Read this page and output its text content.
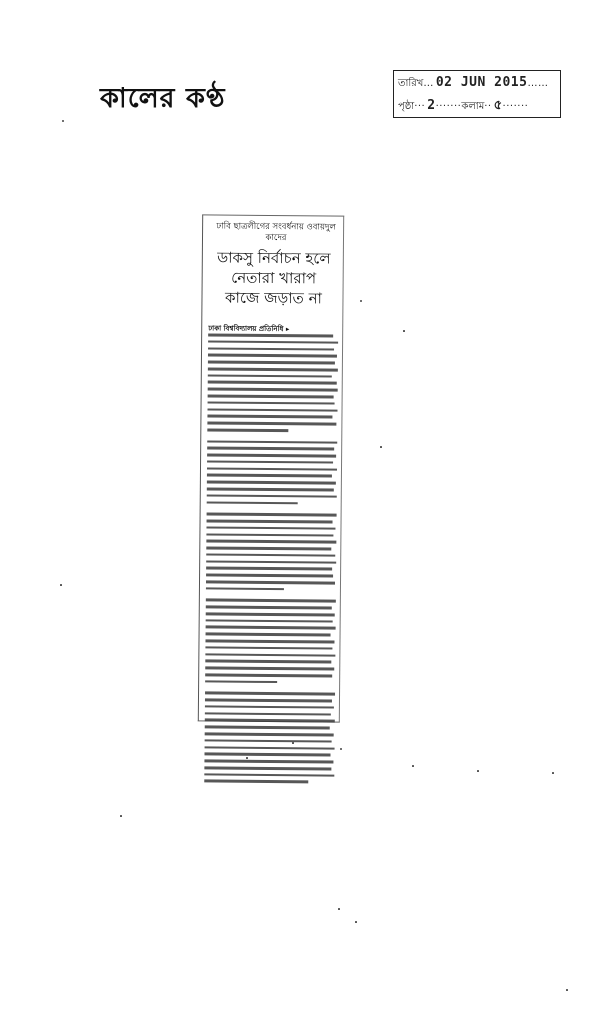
কালের কণ্ঠ	তারিখ … 02 JUN 2015 ……
পৃষ্ঠা ··· 2 ······· কলাম ·· ৫ ·······
ঢাবি ছাত্রলীগের সংবর্ধনায় ওবায়দুল কাদের
ডাকসু নির্বাচন হলে
নেতারা খারাপ
কাজে জড়াত না
ঢাকা বিশ্ববিদ্যালয় প্রতিনিধি ▸
